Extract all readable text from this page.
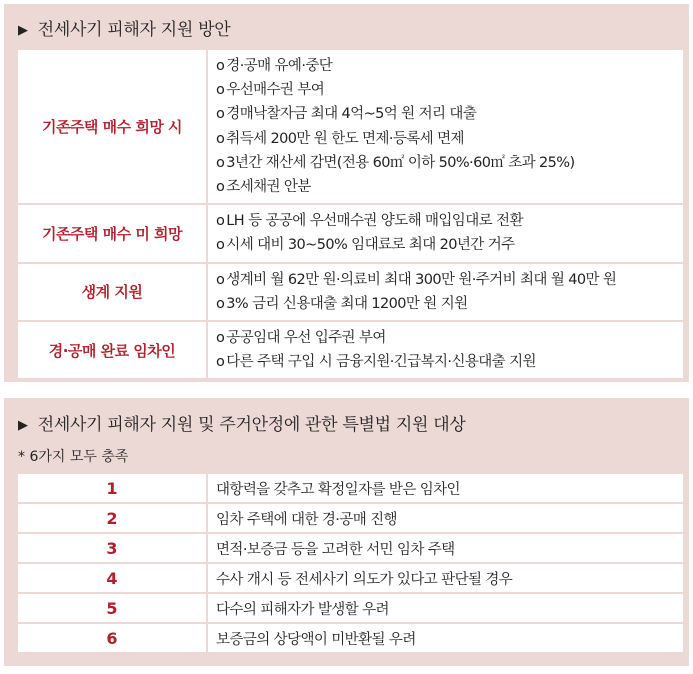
▶ 전세사기 피해자 지원 방안
기존주택 매수 희망 시
o 경·공매 유예·중단
o 우선매수권 부여
o 경매낙찰자금 최대 4억~5억 원 저리 대출
o 취득세 200만 원 한도 면제·등록세 면제
o 3년간 재산세 감면(전용 60㎡ 이하 50%·60㎡ 초과 25%)
o 조세채권 안분
기존주택 매수 미 희망
o LH 등 공공에 우선매수권 양도해 매입임대로 전환
o 시세 대비 30~50% 임대료로 최대 20년간 거주
생계 지원
o 생계비 월 62만 원·의료비 최대 300만 원·주거비 최대 월 40만 원
o 3% 금리 신용대출 최대 1200만 원 지원
경·공매 완료 임차인
o 공공임대 우선 입주권 부여
o 다른 주택 구입 시 금융지원·긴급복지·신용대출 지원
▶ 전세사기 피해자 지원 및 주거안정에 관한 특별법 지원 대상
* 6가지 모두 충족
1	대항력을 갖추고 확정일자를 받은 임차인
2	임차 주택에 대한 경·공매 진행
3	면적·보증금 등을 고려한 서민 임차 주택
4	수사 개시 등 전세사기 의도가 있다고 판단될 경우
5	다수의 피해자가 발생할 우려
6	보증금의 상당액이 미반환될 우려
